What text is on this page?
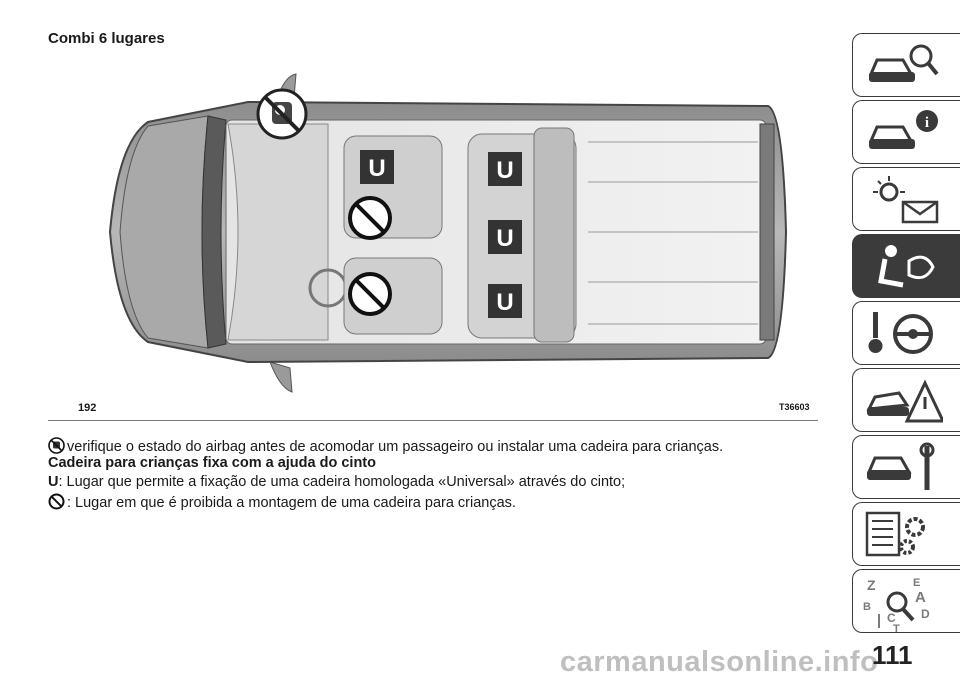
Combi 6 lugares
U	U
U
U
192	T36603
verifique o estado do airbag antes de acomodar um passageiro ou instalar uma cadeira para crianças.
Cadeira para crianças fixa com a ajuda do cinto
U: Lugar que permite a fixação de uma cadeira homologada «Universal» através do cinto;
: Lugar em que é proibida a montagem de uma cadeira para crianças.
i
Z	E
A
B
C D
T
carmanualsonline.info
111
